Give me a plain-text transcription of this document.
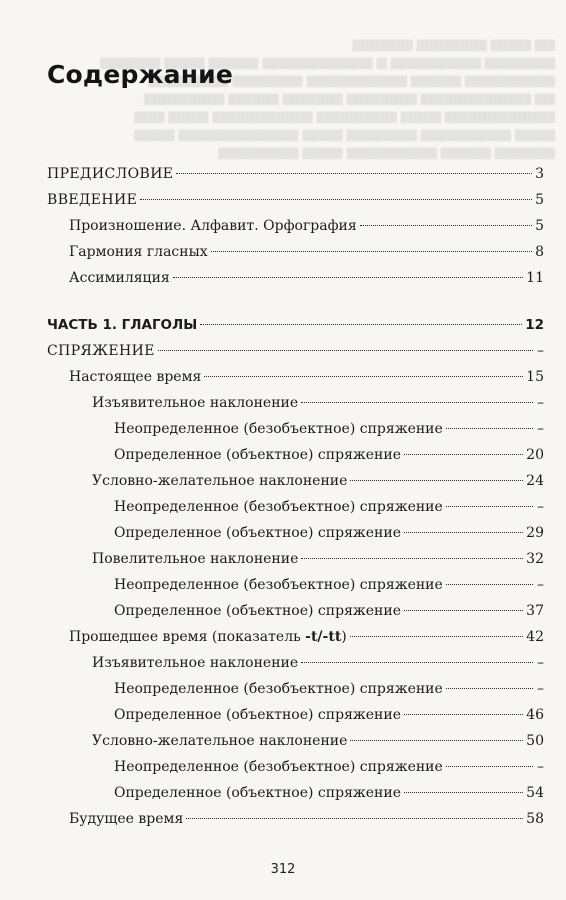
▆▆ ▆▆▆▆ ▆▆▆▆▆▆▆ ▆▆▆▆▆▆
▆▆▆▆▆▆▆ ▆▆▆▆▆▆▆▆▆ ▆ ▆▆▆▆▆▆▆▆▆▆▆ ▆▆▆▆▆ ▆▆▆▆ ▆▆▆▆▆▆
▆▆▆▆▆▆▆▆▆ ▆▆▆▆▆ ▆▆▆▆▆▆▆▆▆▆ ▆▆▆▆▆▆▆ ▆▆▆▆▆▆▆▆
▆▆ ▆▆▆▆▆▆▆▆▆▆▆ ▆▆▆▆▆▆▆ ▆▆▆▆▆▆ ▆▆▆▆▆ ▆▆▆▆▆▆▆▆
▆▆▆▆▆▆▆▆▆▆▆ ▆▆▆▆ ▆▆▆▆▆▆▆▆ ▆▆▆▆▆▆▆▆▆▆ ▆▆▆▆ ▆▆▆
▆▆▆▆ ▆▆▆▆▆▆▆▆▆ ▆▆▆▆▆▆▆ ▆▆▆▆ ▆▆▆▆▆▆▆▆▆▆▆▆ ▆▆▆▆
▆▆▆▆▆▆ ▆▆▆▆▆ ▆▆▆▆▆▆▆▆▆ ▆▆▆▆ ▆▆▆▆▆▆▆▆
Содержание
ПРЕДИСЛОВИЕ	3
ВВЕДЕНИЕ	5
Произношение. Алфавит. Орфография	5
Гармония гласных	8
Ассимиляция	11
ЧАСТЬ 1. ГЛАГОЛЫ	12
СПРЯЖЕНИЕ	–
Настоящее время	15
Изъявительное наклонение	–
Неопределенное (безобъектное) спряжение	–
Определенное (объектное) спряжение	20
Условно-желательное наклонение	24
Неопределенное (безобъектное) спряжение	–
Определенное (объектное) спряжение	29
Повелительное наклонение	32
Неопределенное (безобъектное) спряжение	–
Определенное (объектное) спряжение	37
Прошедшее время (показатель -t/-tt)	42
Изъявительное наклонение	–
Неопределенное (безобъектное) спряжение	–
Определенное (объектное) спряжение	46
Условно-желательное наклонение	50
Неопределенное (безобъектное) спряжение	–
Определенное (объектное) спряжение	54
Будущее время	58
312
